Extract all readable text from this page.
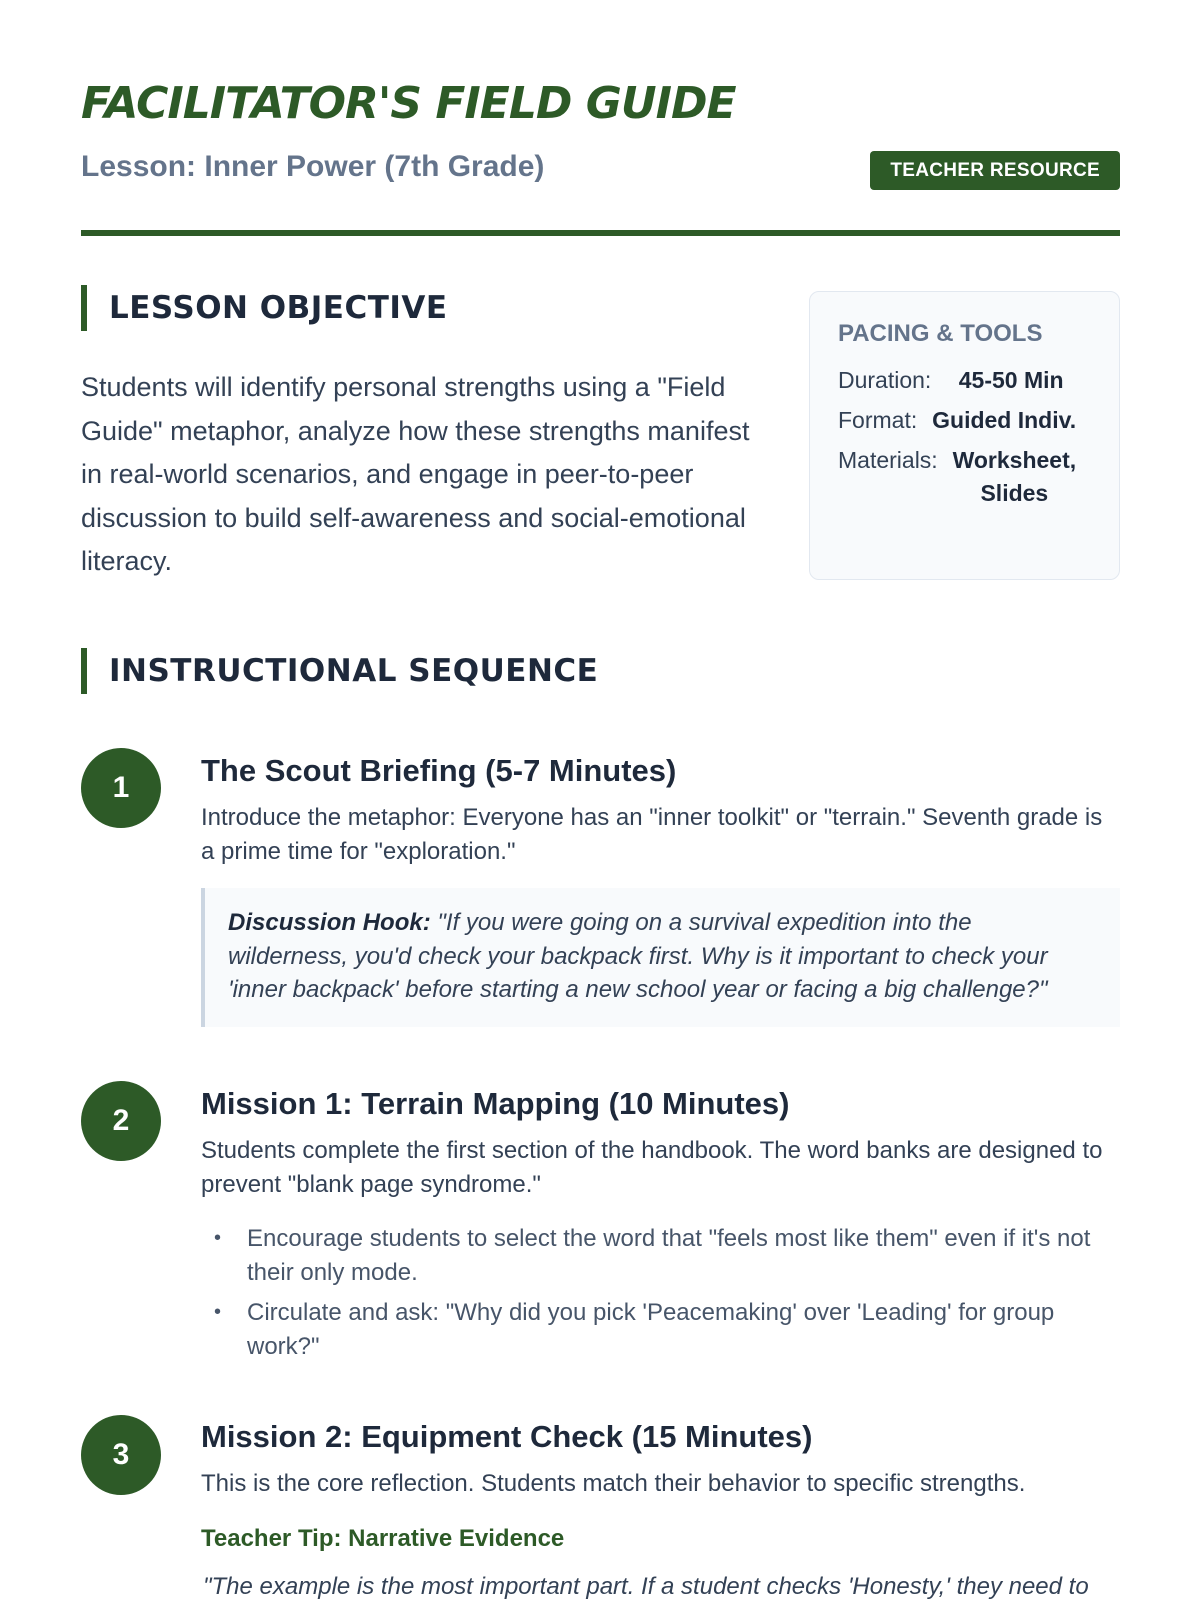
FACILITATOR'S FIELD GUIDE
Lesson: Inner Power (7th Grade)	TEACHER RESOURCE
LESSON OBJECTIVE

Students will identify personal strengths using a "Field Guide" metaphor, analyze how these strengths manifest in real-world scenarios, and engage in peer-to-peer discussion to build self-awareness and social-emotional literacy.

PACING & TOOLS
Duration:	45-50 Min
Format: Guided Indiv.
Materials: Worksheet, Slides
INSTRUCTIONAL SEQUENCE
1	The Scout Briefing (5-7 Minutes)

Introduce the metaphor: Everyone has an "inner toolkit" or "terrain." Seventh grade is a prime time for "exploration."

Discussion Hook: "If you were going on a survival expedition into the wilderness, you'd check your backpack first. Why is it important to check your 'inner backpack' before starting a new school year or facing a big challenge?"
2	Mission 1: Terrain Mapping (10 Minutes)

Students complete the first section of the handbook. The word banks are designed to prevent "blank page syndrome."

• Encourage students to select the word that "feels most like them" even if it's not their only mode.
• Circulate and ask: "Why did you pick 'Peacemaking' over 'Leading' for group work?"
3
Mission 2: Equipment Check (15 Minutes)

This is the core reflection. Students match their behavior to specific strengths.

Teacher Tip: Narrative Evidence
"The example is the most important part. If a student checks 'Honesty,' they need to
